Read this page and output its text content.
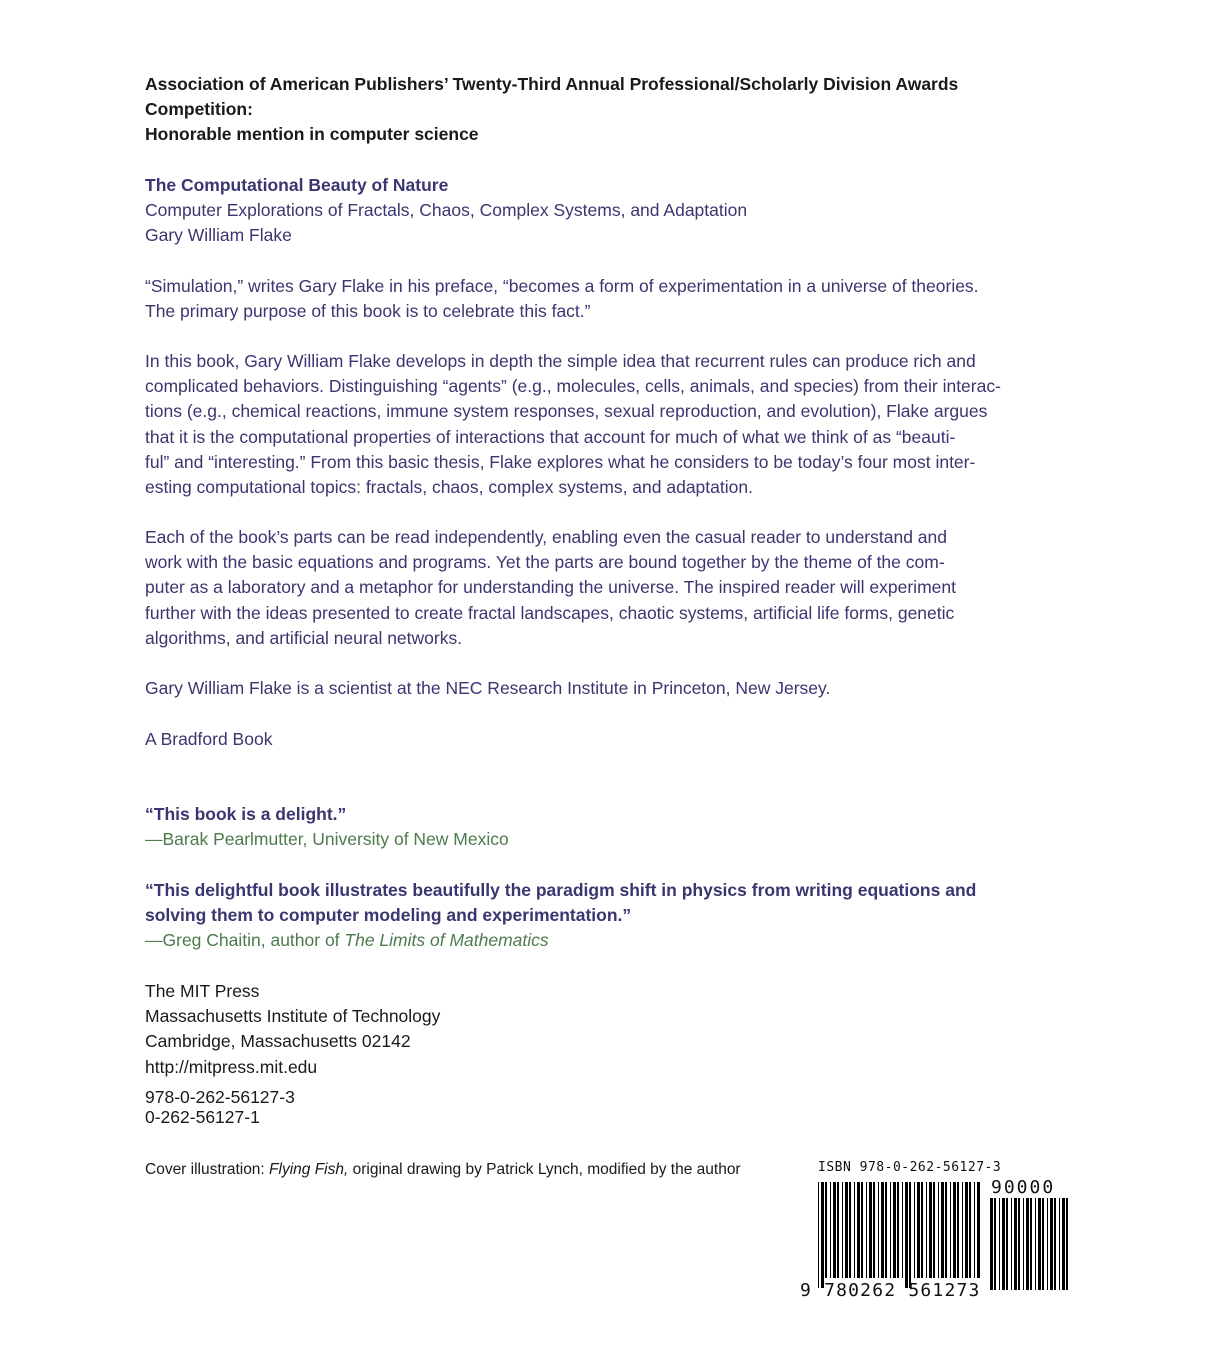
Association of American Publishers’ Twenty-Third Annual Professional/Scholarly Division Awards
Competition:
Honorable mention in computer science
The Computational Beauty of Nature
Computer Explorations of Fractals, Chaos, Complex Systems, and Adaptation
Gary William Flake
“Simulation,” writes Gary Flake in his preface, “becomes a form of experimentation in a universe of theories.
The primary purpose of this book is to celebrate this fact.”
In this book, Gary William Flake develops in depth the simple idea that recurrent rules can produce rich and
complicated behaviors. Distinguishing “agents” (e.g., molecules, cells, animals, and species) from their interac-
tions (e.g., chemical reactions, immune system responses, sexual reproduction, and evolution), Flake argues
that it is the computational properties of interactions that account for much of what we think of as “beauti-
ful” and “interesting.” From this basic thesis, Flake explores what he considers to be today’s four most inter-
esting computational topics: fractals, chaos, complex systems, and adaptation.
Each of the book’s parts can be read independently, enabling even the casual reader to understand and
work with the basic equations and programs. Yet the parts are bound together by the theme of the com-
puter as a laboratory and a metaphor for understanding the universe. The inspired reader will experiment
further with the ideas presented to create fractal landscapes, chaotic systems, artificial life forms, genetic
algorithms, and artificial neural networks.
Gary William Flake is a scientist at the NEC Research Institute in Princeton, New Jersey.
A Bradford Book
“This book is a delight.”
—Barak Pearlmutter, University of New Mexico
“This delightful book illustrates beautifully the paradigm shift in physics from writing equations and
solving them to computer modeling and experimentation.”
—Greg Chaitin, author of The Limits of Mathematics
The MIT Press
Massachusetts Institute of Technology
Cambridge, Massachusetts 02142
http://mitpress.mit.edu
978-0-262-56127-3
0-262-56127-1
Cover illustration: Flying Fish, original drawing by Patrick Lynch, modified by the author	ISBN 978-0-262-56127-3
9 780262 561273
90000
